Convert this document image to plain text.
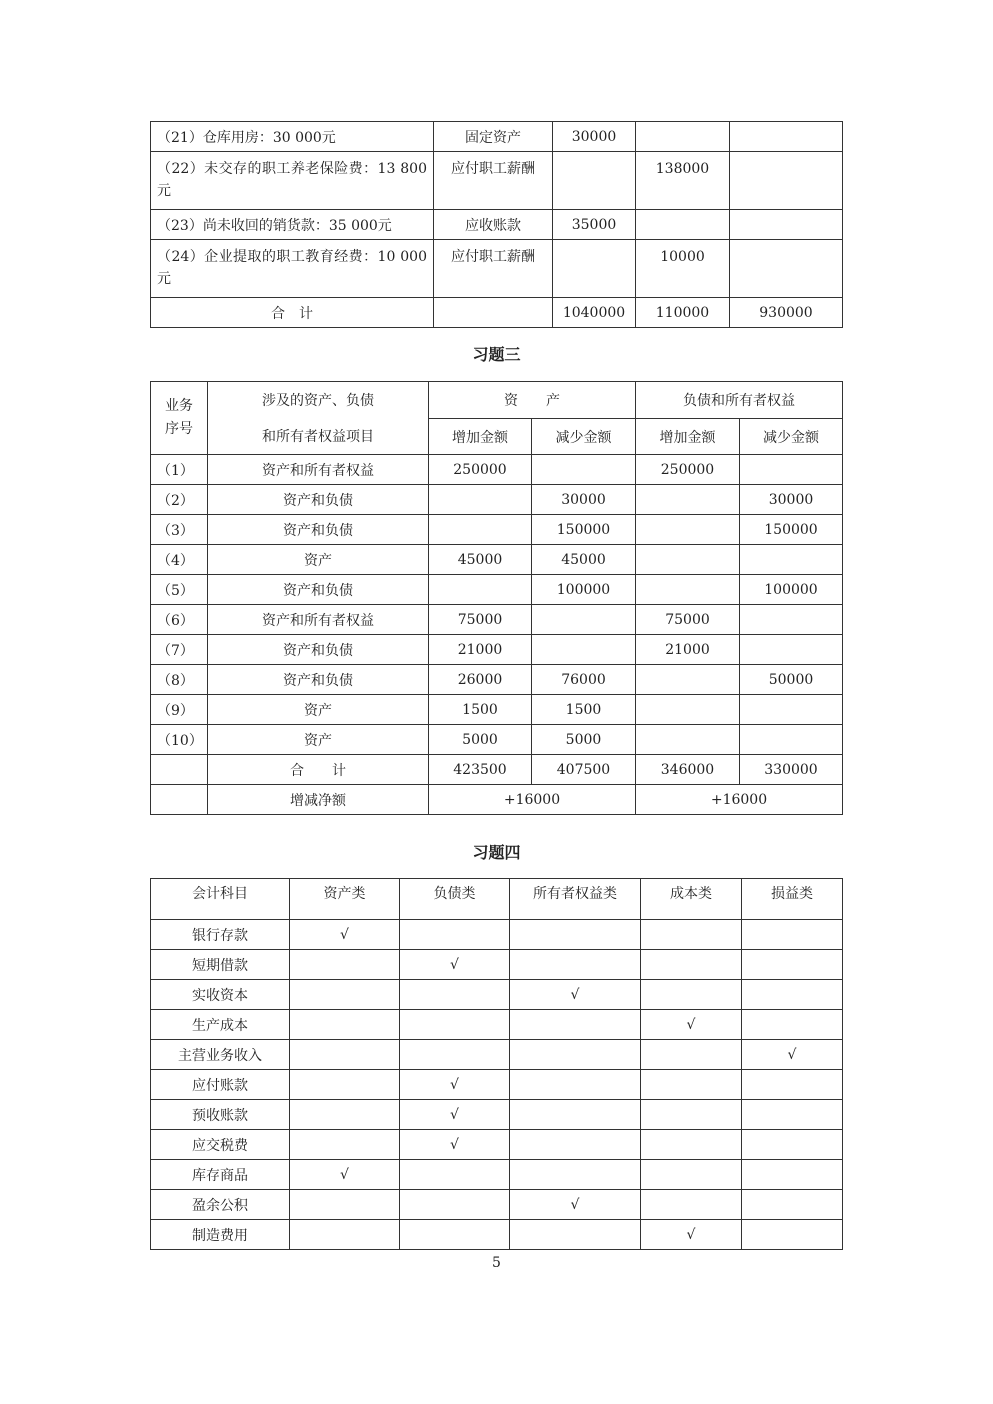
（21）仓库用房：30 000元	固定资产	30000		
（22）未交存的职工养老保险费：13 800元	应付职工薪酬		138000	
（23）尚未收回的销货款：35 000元	应收账款	35000		
（24）企业提取的职工教育经费：10 000元	应付职工薪酬		10000	
合　计		1040000	110000	930000
习题三
业务
序号	涉及的资产、负债	资　　产		负债和所有者权益	
	和所有者权益项目	增加金额	减少金额	增加金额	减少金额
（1）	资产和所有者权益	250000		250000	
（2）	资产和负债		30000		30000
（3）	资产和负债		150000		150000
（4）	资产	45000	45000		
（5）	资产和负债		100000		100000
（6）	资产和所有者权益	75000		75000	
（7）	资产和负债	21000		21000	
（8）	资产和负债	26000	76000		50000
（9）	资产	1500	1500		
（10）	资产	5000	5000		
	合　　计	423500	407500	346000	330000
	增减净额	+16000		+16000	
习题四
会计科目	资产类	负债类	所有者权益类	成本类	损益类
银行存款	√				
短期借款		√			
实收资本			√		
生产成本				√	
主营业务收入					√
应付账款		√			
预收账款		√			
应交税费		√			
库存商品	√				
盈余公积			√		
制造费用				√	
5
